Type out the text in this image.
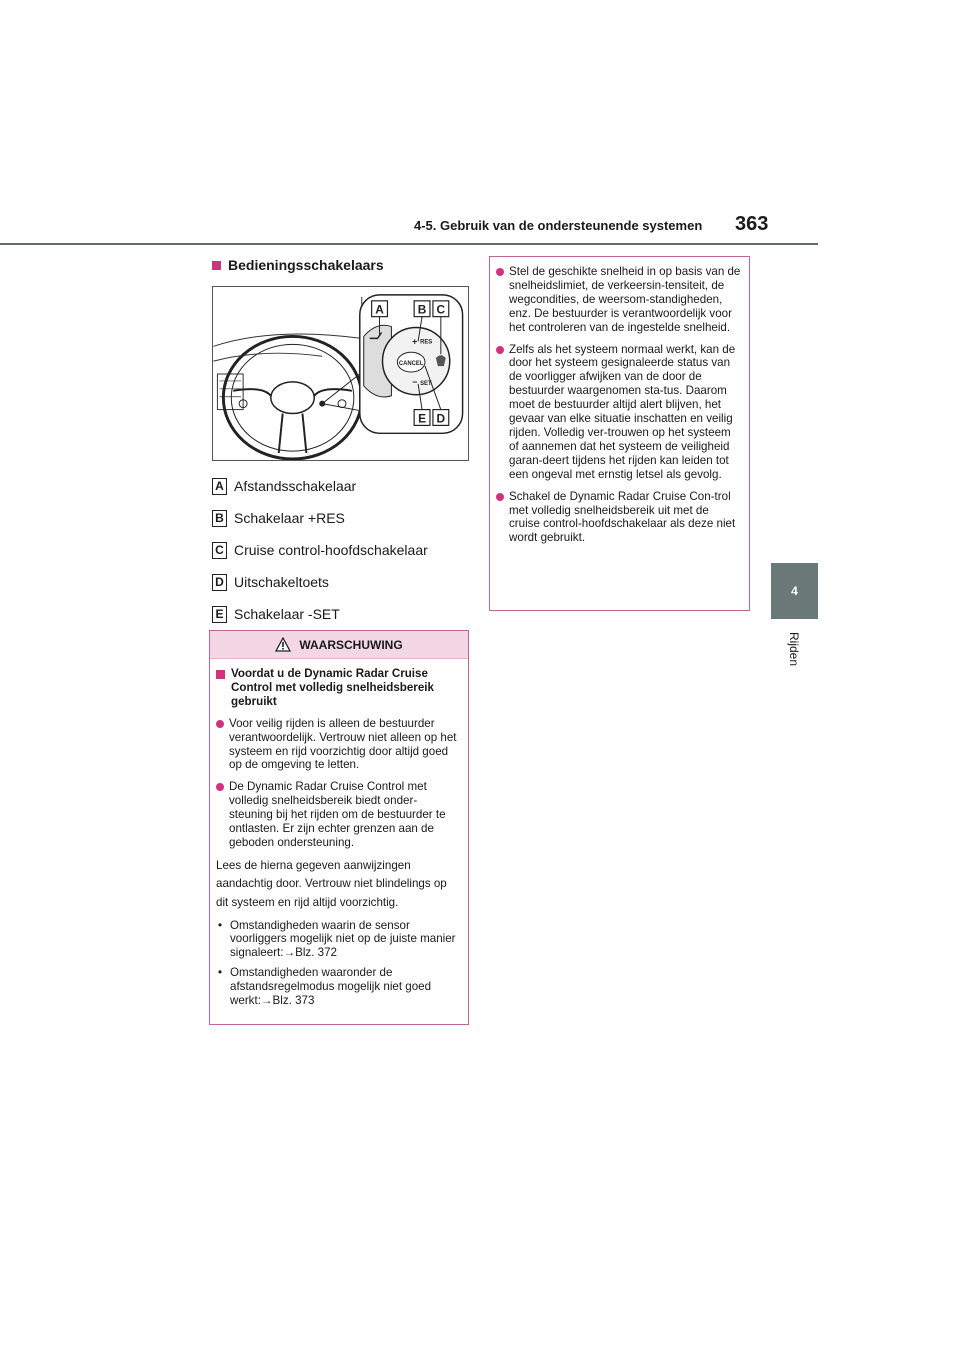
4-5. Gebruik van de ondersteunende systemen 363
4
Rijden
Bedieningsschakelaars
CANCEL
+ RES
− SET
A	B C
E D
A Afstandsschakelaar
B Schakelaar +RES
C Cruise control-hoofdschakelaar
D Uitschakeltoets
E Schakelaar -SET
WAARSCHUWING
Voordat u de Dynamic Radar Cruise Control met volledig snelheidsbereik gebruikt
Voor veilig rijden is alleen de bestuurder verantwoordelijk. Vertrouw niet alleen op het systeem en rijd voorzichtig door altijd goed op de omgeving te letten.
De Dynamic Radar Cruise Control met volledig snelheidsbereik biedt onder-steuning bij het rijden om de bestuurder te ontlasten. Er zijn echter grenzen aan de geboden ondersteuning.
Lees de hierna gegeven aanwijzingen aandachtig door. Vertrouw niet blindelings op dit systeem en rijd altijd voorzichtig.
• Omstandigheden waarin de sensor voorliggers mogelijk niet op de juiste manier signaleert:→Blz. 372
• Omstandigheden waaronder de afstandsregelmodus mogelijk niet goed werkt:→Blz. 373
Stel de geschikte snelheid in op basis van de snelheidslimiet, de verkeersin-tensiteit, de wegcondities, de weersom-standigheden, enz. De bestuurder is verantwoordelijk voor het controleren van de ingestelde snelheid.
Zelfs als het systeem normaal werkt, kan de door het systeem gesignaleerde status van de voorligger afwijken van de door de bestuurder waargenomen sta-tus. Daarom moet de bestuurder altijd alert blijven, het gevaar van elke situatie inschatten en veilig rijden. Volledig ver-trouwen op het systeem of aannemen dat het systeem de veiligheid garan-deert tijdens het rijden kan leiden tot een ongeval met ernstig letsel als gevolg.
Schakel de Dynamic Radar Cruise Con-trol met volledig snelheidsbereik uit met de cruise control-hoofdschakelaar als deze niet wordt gebruikt.
